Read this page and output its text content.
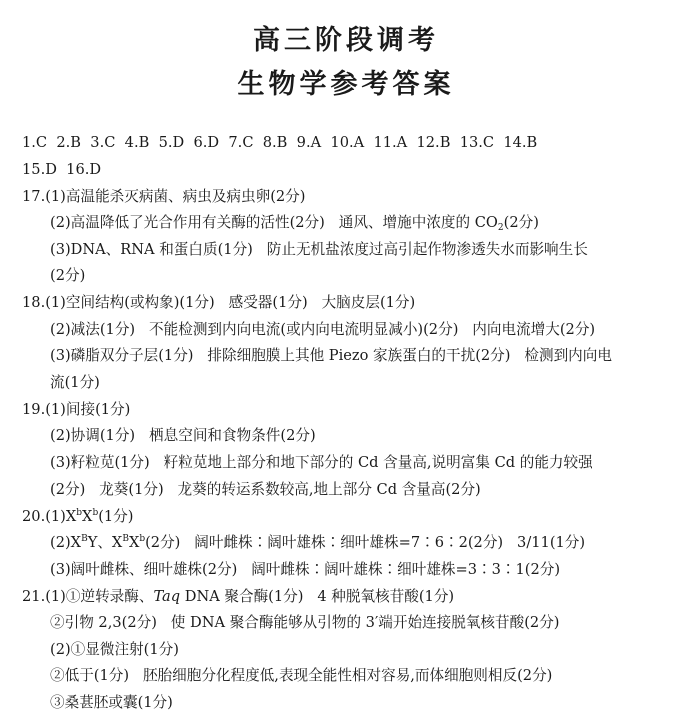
高三阶段调考
生物学参考答案
1.C  2.B  3.C  4.B  5.D  6.D  7.C  8.B  9.A  10.A  11.A  12.B  13.C  14.B
15.D  16.D
17.(1)高温能杀灭病菌、病虫及病虫卵(2分)
(2)高温降低了光合作用有关酶的活性(2分)   通风、增施中浓度的 $CO_2(2$分)
(3)DNA、RNA 和蛋白质(1分)   防止无机盐浓度过高引起作物渗透失水而影响生长
(2分)
18.(1)空间结构(或构象)(1分)   感受器(1分)   大脑皮层(1分)
(2)减法(1分)   不能检测到内向电流(或内向电流明显减小)(2分)   内向电流增大(2分)
(3)磷脂双分子层(1分)   排除细胞膜上其他 Piezo 家族蛋白的干扰(2分)   检测到内向电
流(1分)
19.(1)间接(1分)
(2)协调(1分)   栖息空间和食物条件(2分)
(3)籽粒苋(1分)   籽粒苋地上部分和地下部分的 Cd 含量高,说明富集 Cd 的能力较强
(2分)   龙葵(1分)   龙葵的转运系数较高,地上部分 Cd 含量高(2分)
$20.(1)X^bX^b(1$分)
$(2)X^BY$、$X^BX^b(2$分)   阔叶雌株∶阔叶雄株∶细叶雄株=7∶6∶2(2分)   3/11(1分)
(3)阔叶雌株、细叶雄株(2分)   阔叶雌株∶阔叶雄株∶细叶雄株=3∶3∶1(2分)
21.(1)①逆转录酶、Taq DNA 聚合酶(1分)   4 种脱氧核苷酸(1分)
②引物 2,3(2分)   使 DNA 聚合酶能够从引物的 3′端开始连接脱氧核苷酸(2分)
(2)①显微注射(1分)
②低于(1分)   胚胎细胞分化程度低,表现全能性相对容易,而体细胞则相反(2分)
③桑葚胚或囊(1分)
